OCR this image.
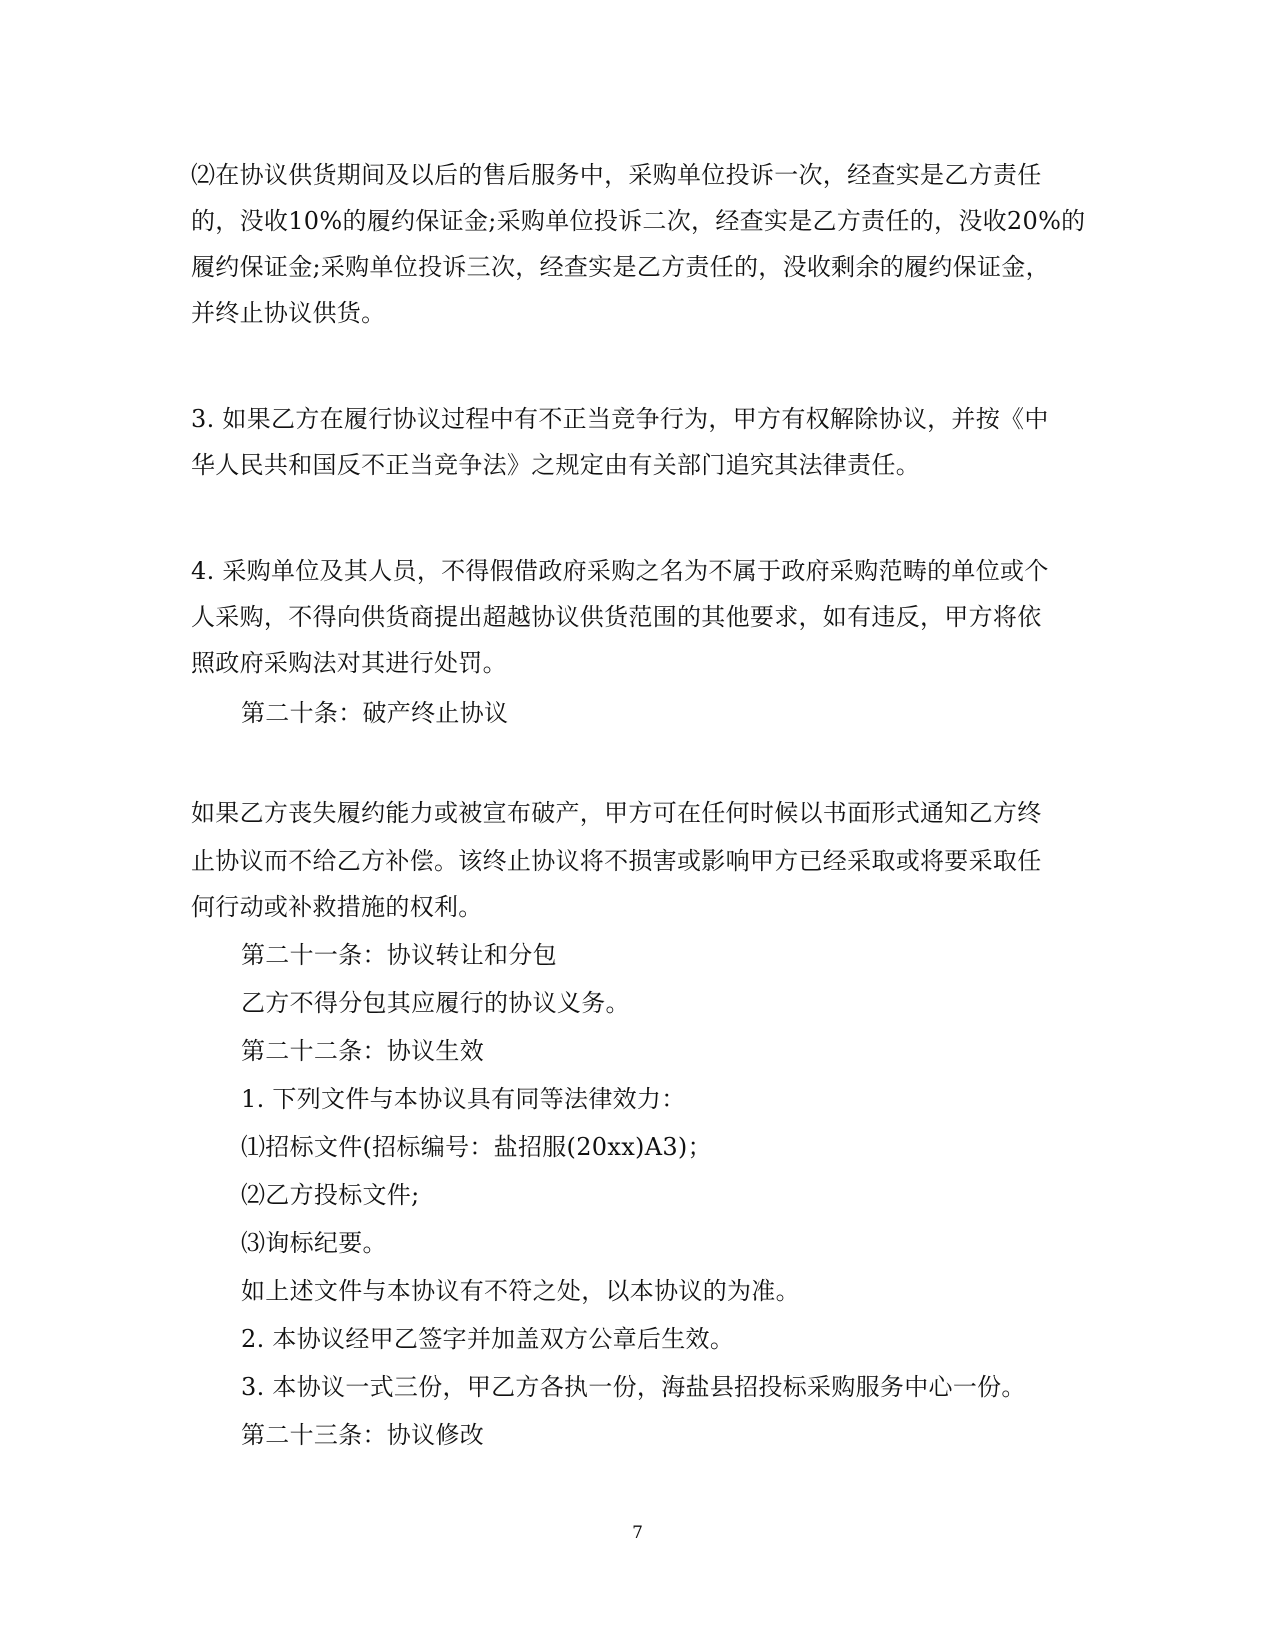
⑵在协议供货期间及以后的售后服务中，采购单位投诉一次，经查实是乙方责任
的，没收10%的履约保证金;采购单位投诉二次，经查实是乙方责任的，没收20%的
履约保证金;采购单位投诉三次，经查实是乙方责任的，没收剩余的履约保证金，
并终止协议供货。
3. 如果乙方在履行协议过程中有不正当竞争行为，甲方有权解除协议，并按《中
华人民共和国反不正当竞争法》之规定由有关部门追究其法律责任。
4. 采购单位及其人员，不得假借政府采购之名为不属于政府采购范畴的单位或个
人采购，不得向供货商提出超越协议供货范围的其他要求，如有违反，甲方将依
照政府采购法对其进行处罚。
第二十条：破产终止协议
如果乙方丧失履约能力或被宣布破产，甲方可在任何时候以书面形式通知乙方终
止协议而不给乙方补偿。该终止协议将不损害或影响甲方已经采取或将要采取任
何行动或补救措施的权利。
第二十一条：协议转让和分包
乙方不得分包其应履行的协议义务。
第二十二条：协议生效
1. 下列文件与本协议具有同等法律效力：
⑴招标文件(招标编号：盐招服(20xx)A3)；
⑵乙方投标文件;
⑶询标纪要。
如上述文件与本协议有不符之处，以本协议的为准。
2. 本协议经甲乙签字并加盖双方公章后生效。
3. 本协议一式三份，甲乙方各执一份，海盐县招投标采购服务中心一份。
第二十三条：协议修改
7
